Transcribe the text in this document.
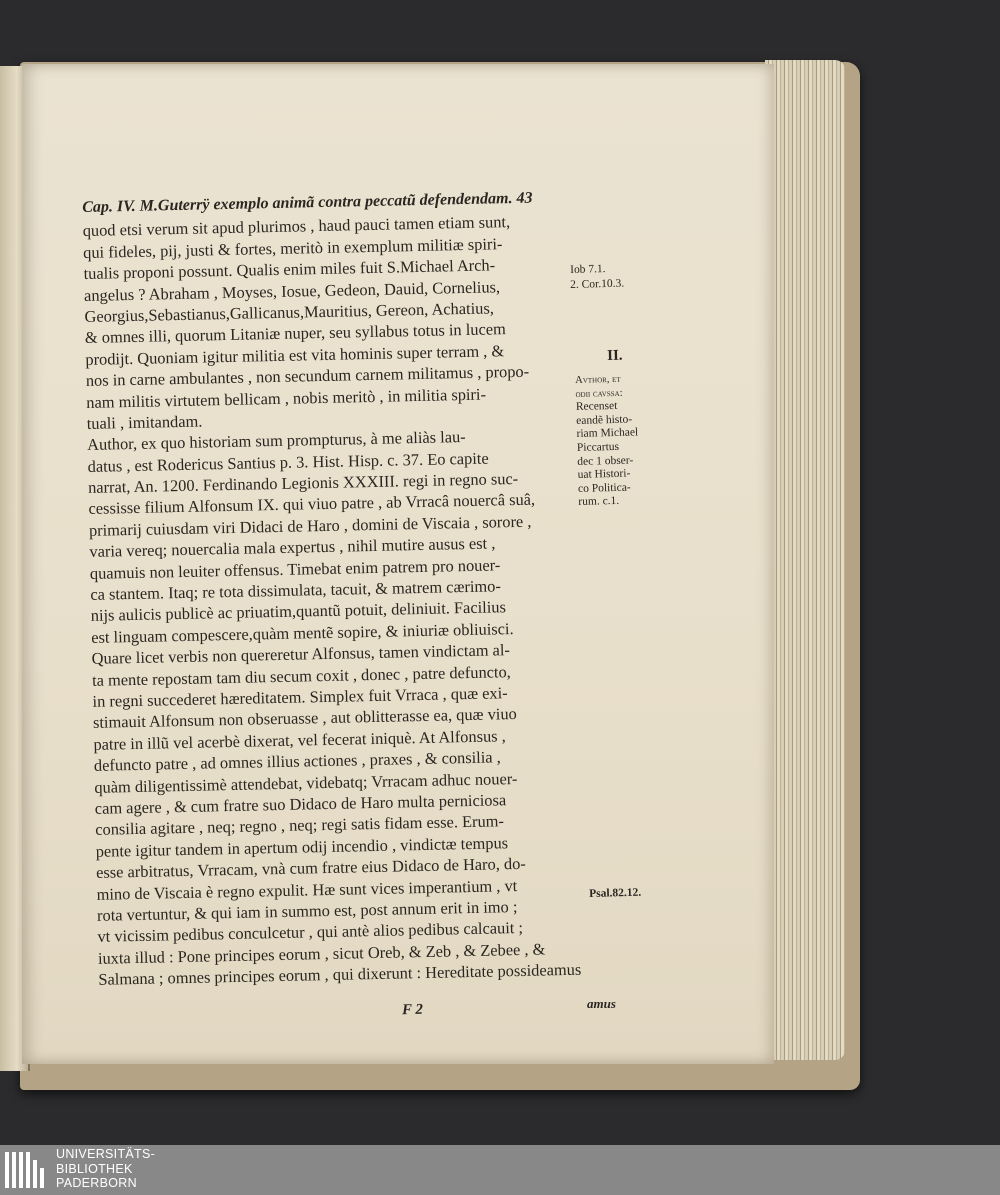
Cap. IV. M.Guterrÿ exemplo animã contra peccatũ defendendam. 43
quod etsi verum sit apud plurimos , haud pauci tamen etiam sunt,
qui fideles, pij, justi & fortes, meritò in exemplum militiæ spiri-
tualis proponi possunt. Qualis enim miles fuit S.Michael Arch-
angelus ? Abraham , Moyses, Iosue, Gedeon, Dauid, Cornelius,
Georgius,Sebastianus,Gallicanus,Mauritius, Gereon, Achatius,
& omnes illi, quorum Litaniæ nuper, seu syllabus totus in lucem
prodijt. Quoniam igitur militia est vita hominis super terram , &
nos in carne ambulantes , non secundum carnem militamus , propo-
nam militis virtutem bellicam , nobis meritò , in militia spiri-
tuali , imitandam.
Author, ex quo historiam sum prompturus, à me aliàs lau-
datus , est Rodericus Santius p. 3. Hist. Hisp. c. 37. Eo capite
narrat, An. 1200. Ferdinando Legionis XXXIII. regi in regno suc-
cessisse filium Alfonsum IX. qui viuo patre , ab Vrracâ nouercâ suâ,
primarij cuiusdam viri Didaci de Haro , domini de Viscaia , sorore ,
varia vereq; nouercalia mala expertus , nihil mutire ausus est ,
quamuis non leuiter offensus. Timebat enim patrem pro nouer-
ca stantem. Itaq; re tota dissimulata, tacuit, & matrem cærimo-
nijs aulicis publicè ac priuatim,quantũ potuit, deliniuit. Facilius
est linguam compescere,quàm mentẽ sopire, & iniuriæ obliuisci.
Quare licet verbis non quereretur Alfonsus, tamen vindictam al-
ta mente repostam tam diu secum coxit , donec , patre defuncto,
in regni succederet hæreditatem. Simplex fuit Vrraca , quæ exi-
stimauit Alfonsum non obseruasse , aut oblitterasse ea, quæ viuo
patre in illũ vel acerbè dixerat, vel fecerat iniquè. At Alfonsus ,
defuncto patre , ad omnes illius actiones , praxes , & consilia ,
quàm diligentissimè attendebat, videbatq; Vrracam adhuc nouer-
cam agere , & cum fratre suo Didaco de Haro multa perniciosa
consilia agitare , neq; regno , neq; regi satis fidam esse. Erum-
pente igitur tandem in apertum odij incendio , vindictæ tempus
esse arbitratus, Vrracam, vnà cum fratre eius Didaco de Haro, do-
mino de Viscaia è regno expulit. Hæ sunt vices imperantium , vt
rota vertuntur, & qui iam in summo est, post annum erit in imo ;
vt vicissim pedibus conculcetur , qui antè alios pedibus calcauit ;
iuxta illud : Pone principes eorum , sicut Oreb, & Zeb , & Zebee , &
Salmana ; omnes principes eorum , qui dixerunt : Hereditate possideamus
Iob 7.1.
2. Cor.10.3.
II.
Avthor, et
odii cavssa:
Recenset
eandẽ histo-
riam Michael
Piccartus
dec 1 obser-
uat Histori-
co Politica-
rum. c.1.
Psal.82.12.
F 2	amus
UNIVERSITÄTS-
BIBLIOTHEK
PADERBORN
